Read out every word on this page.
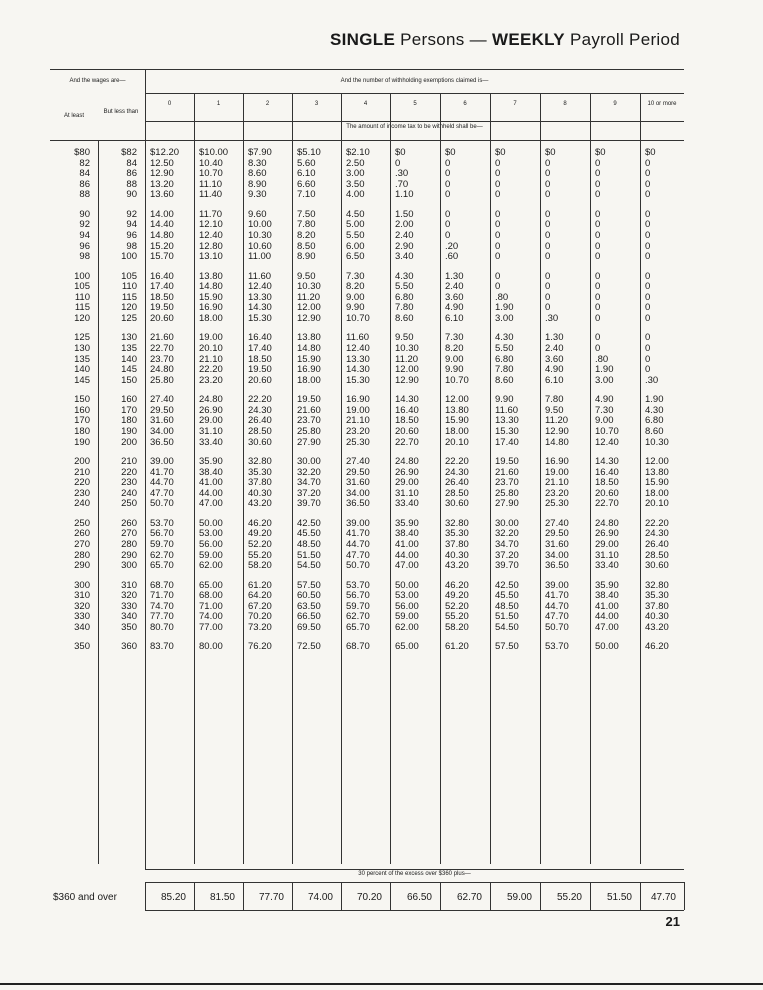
SINGLE Persons — WEEKLY Payroll Period
And the wages are—	And the number of withholding exemptions claimed is—
At least
But less than
The amount of income tax to be withheld shall be—
0	1	2	3	4	5	6	7	8	9	10 or more
$80	$82 $12.20	$10.00	$7.90	$5.10	$2.10	$0	$0	$0	$0	$0	$0
82	84 12.50	10.40	8.30	5.60	2.50	0	0	0	0	0	0
84	86 12.90	10.70	8.60	6.10	3.00	.30	0	0	0	0	0
86	88 13.20	11.10	8.90	6.60	3.50	.70	0	0	0	0	0
88	90 13.60	11.40	9.30	7.10	4.00	1.10	0	0	0	0	0
90	92 14.00	11.70	9.60	7.50	4.50	1.50	0	0	0	0	0
92	94 14.40	12.10	10.00	7.80	5.00	2.00	0	0	0	0	0
94	96 14.80	12.40	10.30	8.20	5.50	2.40	0	0	0	0	0
96	98 15.20	12.80	10.60	8.50	6.00	2.90	.20	0	0	0	0
98	100 15.70	13.10	11.00	8.90	6.50	3.40	.60	0	0	0	0
100	105 16.40	13.80	11.60	9.50	7.30	4.30	1.30	0	0	0	0
105	110 17.40	14.80	12.40	10.30	8.20	5.50	2.40	0	0	0	0
110	115 18.50	15.90	13.30	11.20	9.00	6.80	3.60	.80	0	0	0
115	120 19.50	16.90	14.30	12.00	9.90	7.80	4.90	1.90	0	0	0
120	125 20.60	18.00	15.30	12.90	10.70	8.60	6.10	3.00	.30	0	0
125	130 21.60	19.00	16.40	13.80	11.60	9.50	7.30	4.30	1.30	0	0
130	135 22.70	20.10	17.40	14.80	12.40	10.30	8.20	5.50	2.40	0	0
135	140 23.70	21.10	18.50	15.90	13.30	11.20	9.00	6.80	3.60	.80	0
140	145 24.80	22.20	19.50	16.90	14.30	12.00	9.90	7.80	4.90	1.90	0
145	150 25.80	23.20	20.60	18.00	15.30	12.90	10.70	8.60	6.10	3.00	.30
150	160 27.40	24.80	22.20	19.50	16.90	14.30	12.00	9.90	7.80	4.90	1.90
160	170 29.50	26.90	24.30	21.60	19.00	16.40	13.80	11.60	9.50	7.30	4.30
170	180 31.60	29.00	26.40	23.70	21.10	18.50	15.90	13.30	11.20	9.00	6.80
180	190 34.00	31.10	28.50	25.80	23.20	20.60	18.00	15.30	12.90	10.70	8.60
190	200 36.50	33.40	30.60	27.90	25.30	22.70	20.10	17.40	14.80	12.40	10.30
200	210 39.00	35.90	32.80	30.00	27.40	24.80	22.20	19.50	16.90	14.30	12.00
210	220 41.70	38.40	35.30	32.20	29.50	26.90	24.30	21.60	19.00	16.40	13.80
220	230 44.70	41.00	37.80	34.70	31.60	29.00	26.40	23.70	21.10	18.50	15.90
230	240 47.70	44.00	40.30	37.20	34.00	31.10	28.50	25.80	23.20	20.60	18.00
240	250 50.70	47.00	43.20	39.70	36.50	33.40	30.60	27.90	25.30	22.70	20.10
250	260 53.70	50.00	46.20	42.50	39.00	35.90	32.80	30.00	27.40	24.80	22.20
260	270 56.70	53.00	49.20	45.50	41.70	38.40	35.30	32.20	29.50	26.90	24.30
270	280 59.70	56.00	52.20	48.50	44.70	41.00	37.80	34.70	31.60	29.00	26.40
280	290 62.70	59.00	55.20	51.50	47.70	44.00	40.30	37.20	34.00	31.10	28.50
290	300 65.70	62.00	58.20	54.50	50.70	47.00	43.20	39.70	36.50	33.40	30.60
300	310 68.70	65.00	61.20	57.50	53.70	50.00	46.20	42.50	39.00	35.90	32.80
310	320 71.70	68.00	64.20	60.50	56.70	53.00	49.20	45.50	41.70	38.40	35.30
320	330 74.70	71.00	67.20	63.50	59.70	56.00	52.20	48.50	44.70	41.00	37.80
330	340 77.70	74.00	70.20	66.50	62.70	59.00	55.20	51.50	47.70	44.00	40.30
340	350 80.70	77.00	73.20	69.50	65.70	62.00	58.20	54.50	50.70	47.00	43.20
350	360 83.70	80.00	76.20	72.50	68.70	65.00	61.20	57.50	53.70	50.00	46.20
30 percent of the excess over $360 plus—
$360 and over	85.20	81.50	77.70	74.00	70.20	66.50	62.70	59.00	55.20	51.50	47.70
21
